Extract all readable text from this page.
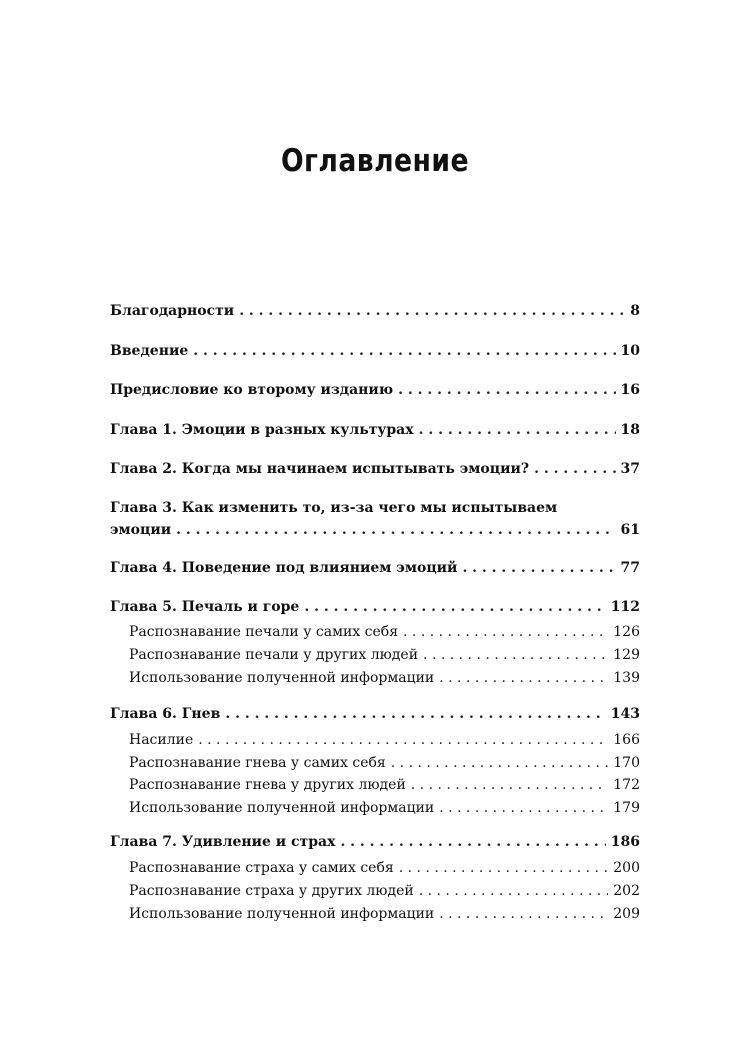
Оглавление
Благодарности . . .	8
Введение . . .	10
Предисловие ко второму изданию . . .	16
Глава 1. Эмоции в разных культурах . . .	18
Глава 2. Когда мы начинаем испытывать эмоции? . . .	37
Глава 3. Как изменить то, из-за чего мы испытываем
эмоции . . .	61
Глава 4. Поведение под влиянием эмоций . . .	77
Глава 5. Печаль и горе . . .	112
Распознавание печали у самих себя . . .	126
Распознавание печали у других людей . . .	129
Использование полученной информации . . .	139
Глава 6. Гнев . . .	143
Насилие . . .	166
Распознавание гнева у самих себя . . .	170
Распознавание гнева у других людей . . .	172
Использование полученной информации . . .	179
Глава 7. Удивление и страх . . .	186
Распознавание страха у самих себя . . .	200
Распознавание страха у других людей . . .	202
Использование полученной информации . . .	209
